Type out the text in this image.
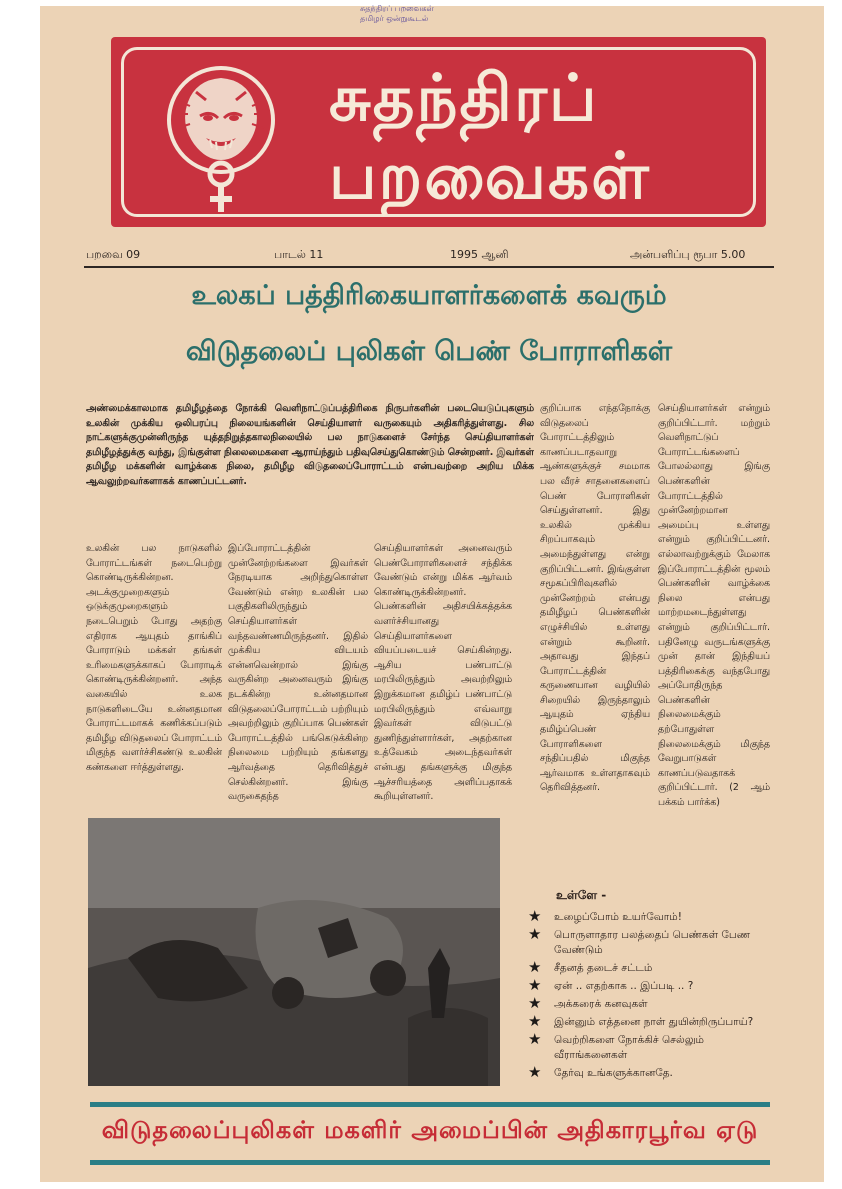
சுதந்திரப் பறவைகள்
தமிழர் ஒன்றுகூடல்
சுதந்திரப்
பறவைகள்
பறவை 09	பாடல் 11	1995 ஆனி	அன்பளிப்பு ரூபா 5.00
உலகப் பத்திரிகையாளர்களைக் கவரும்
விடுதலைப் புலிகள் பெண் போராளிகள்
அண்மைக்காலமாக தமிழீழத்தை நோக்கி வெளிநாட்டுப்பத்திரிகை நிருபர்களின் படையெடுப்புகளும் உலகின் முக்கிய ஒலிபரப்பு நிலையங்களின் செய்தியாளர் வருகையும் அதிகரித்துள்ளது. சில நாட்களுக்குமுன்னிருந்த யுத்தநிறுத்தகாலநிலையில் பல நாடுகளைச் சேர்ந்த செய்தியாளர்கள் தமிழீழத்துக்கு வந்து, இங்குள்ள நிலைமைகளை ஆராய்ந்தும் பதிவுசெய்துகொண்டும் சென்றனர். இவர்கள் தமிழீழ மக்களின் வாழ்க்கை நிலை, தமிழீழ விடுதலைப்போராட்டம் என்பவற்றை அறிய மிக்க ஆவலுற்றவர்களாகக் காணப்பட்டனர்.
உலகின் பல நாடுகளில் போராட்டங்கள் நடைபெற்று கொண்டிருக்கின்றன. அடக்குமுறைகளும் ஒடுக்குமுறைகளும் நடைபெறும் போது அதற்கு எதிராக ஆயுதம் தாங்கிப் போராடும் மக்கள் தங்கள் உரிமைகளுக்காகப் போராடிக் கொண்டிருக்கின்றனர். அந்த வகையில் உலக நாடுகளிடையே உன்னதமான போராட்டமாகக் கணிக்கப்படும் தமிழீழ விடுதலைப் போராட்டம் மிகுந்த வளர்ச்சிகண்டு உலகின் கண்களை ஈர்த்துள்ளது.
இப்போராட்டத்தின் முன்னேற்றங்களை இவர்கள் நேரடியாக அறிந்துகொள்ள வேண்டும் என்ற உலகின் பல பகுதிகளிலிருந்தும் செய்தியாளர்கள் வந்தவண்ணமிருந்தனர். இதில் முக்கிய விடயம் என்னவென்றால் இங்கு வருகின்ற அனைவரும் இங்கு நடக்கின்ற உன்னதமான விடுதலைப்போராட்டம் பற்றியும் அவற்றிலும் குறிப்பாக பெண்கள் போராட்டத்தில் பங்கெடுக்கின்ற நிலைமை பற்றியும் தங்களது ஆர்வத்தை தெரிவித்துச் செல்கின்றனர். இங்கு வருகைதந்த
செய்தியாளர்கள் அனைவரும் பெண்போராளிகளைச் சந்திக்க வேண்டும் என்று மிக்க ஆர்வம் கொண்டிருக்கின்றனர். பெண்களின் அதிசயிக்கத்தக்க வளர்ச்சியானது செய்தியாளர்களை வியப்படையச் செய்கின்றது. ஆசிய பண்பாட்டு மரபிலிருந்தும் அவற்றிலும் இறுக்கமான தமிழ்ப் பண்பாட்டு மரபிலிருந்தும் எவ்வாறு இவர்கள் விடுபட்டு துணிந்துள்ளார்கள், அதற்கான உத்வேகம் அடைந்தவர்கள் என்பது தங்களுக்கு மிகுந்த ஆச்சரியத்தை அளிப்பதாகக் கூறியுள்ளனர்.
குறிப்பாக எந்தநோக்கு விடுதலைப் போராட்டத்திலும் காணப்படாதவாறு ஆண்களுக்குச் சமமாக பல வீரச் சாதனைகளைப் பெண் போராளிகள் செய்துள்ளனர். இது உலகில் முக்கிய சிறப்பாகவும் அமைந்துள்ளது என்று குறிப்பிட்டனர். இங்குள்ள சமூகப்பிரிவுகளில் முன்னேற்றம் என்பது தமிழீழப் பெண்களின் எழுச்சியில் உள்ளது என்றும் கூறினர். அதாவது இந்தப் போராட்டத்தின் கருணையான வழியில் சிறையில் இருந்தாலும் ஆயுதம் ஏந்திய தமிழ்ப்பெண் போராளிகளை சந்திப்பதில் மிகுந்த ஆர்வமாக உள்ளதாகவும் தெரிவித்தனர்.
செய்தியாளர்கள் என்றும் குறிப்பிட்டார். மற்றும் வெளிநாட்டுப் போராட்டங்களைப் போலல்லாது இங்கு பெண்களின் போராட்டத்தில் முன்னேற்றமான அமைப்பு உள்ளது என்றும் குறிப்பிட்டனர். எல்லாவற்றுக்கும் மேலாக இப்போராட்டத்தின் மூலம் பெண்களின் வாழ்க்கை நிலை என்பது மாற்றமடைந்துள்ளது என்றும் குறிப்பிட்டார். பதினேழு வருடங்களுக்கு முன் தான் இந்தியப் பத்திரிகைக்கு வந்தபோது அப்போதிருந்த பெண்களின் நிலைமைக்கும் தற்போதுள்ள நிலைமைக்கும் மிகுந்த வேறுபாடுகள் காணப்படுவதாகக் குறிப்பிட்டார். (2 ஆம் பக்கம் பார்க்க)
உள்ளே -
★ உழைப்போம் உயர்வோம்!
★ பொருளாதார பலத்தைப் பெண்கள் பேண வேண்டும்
★ சீதனத் தடைச் சட்டம்
★ ஏன் .. எதற்காக .. இப்படி .. ?
★ அக்கரைக் கனவுகள்
★ இன்னும் எத்தனை நாள் துயின்றிருப்பாய்?
★ வெற்றிகளை நோக்கிச் செல்லும் வீராங்கனைகள்
★ தேர்வு உங்களுக்கானதே.
விடுதலைப்புலிகள் மகளிர் அமைப்பின் அதிகாரபூர்வ ஏடு
